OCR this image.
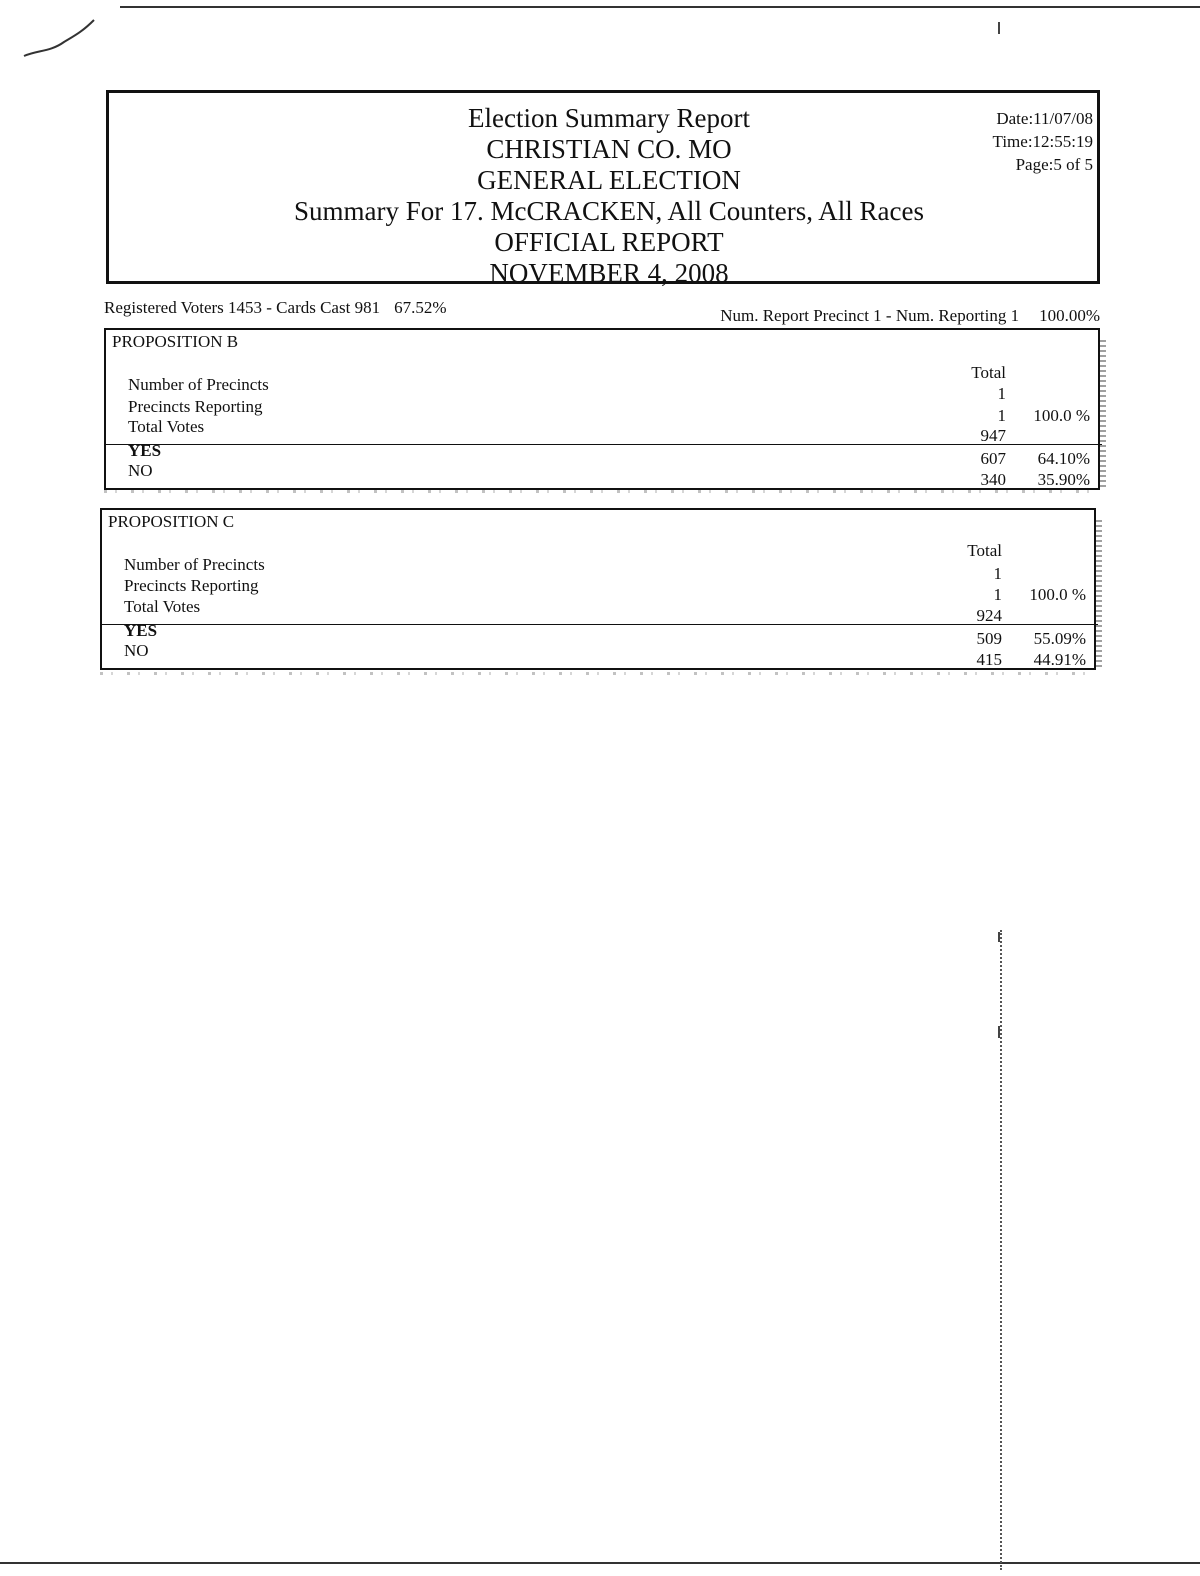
Election Summary Report
CHRISTIAN CO. MO
GENERAL ELECTION
Summary For 17. McCRACKEN, All Counters, All Races
OFFICIAL REPORT
NOVEMBER 4, 2008
Date:11/07/08
Time:12:55:19
Page:5 of 5
Registered Voters 1453 - Cards Cast 981 67.52%	Num. Report Precinct 1 - Num. Reporting 1 100.00%
PROPOSITION B
Total
Number of Precincts	1
Precincts Reporting	1 100.0 %
Total Votes	947
YES	607 64.10%
NO	340 35.90%
PROPOSITION C
Total
Number of Precincts	1
Precincts Reporting	1 100.0 %
Total Votes	924
YES	509 55.09%
NO	415 44.91%
